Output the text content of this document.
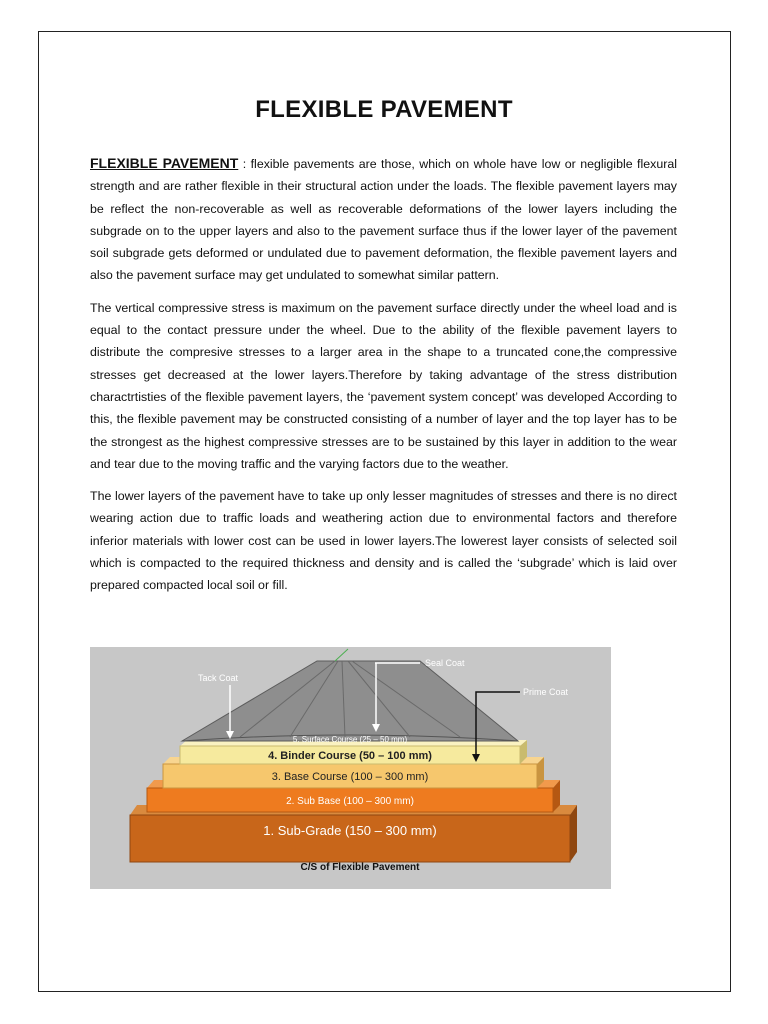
FLEXIBLE PAVEMENT

FLEXIBLE PAVEMENT : flexible pavements are those, which on whole have low or negligible flexural strength and are rather flexible in their structural action under the loads. The flexible pavement layers may be reflect the non-recoverable as well as recoverable deformations of the lower layers including the subgrade on to the upper layers and also to the pavement surface thus if the lower layer of the pavement soil subgrade gets deformed or undulated due to pavement deformation, the flexible pavement layers and also the pavement surface may get undulated to somewhat similar pattern.

The vertical compressive stress is maximum on the pavement surface directly under the wheel load and is equal to the contact pressure under the wheel. Due to the ability of the flexible pavement layers to distribute the compresive stresses to a larger area in the shape to a truncated cone,the compressive stresses get decreased at the lower layers.Therefore by taking advantage of the stress distribution charactrtisties of the flexible pavement layers, the ‘pavement system concept’ was developed According to this, the flexible pavement may be constructed consisting of a number of layer and the top layer has to be the strongest as the highest compressive stresses are to be sustained by this layer in addition to the wear and tear due to the moving traffic and the varying factors due to the weather.

The lower layers of the pavement have to take up only lesser magnitudes of stresses and there is no direct wearing action due to traffic loads and weathering action due to environmental factors and therefore inferior materials with lower cost can be used in lower layers.The lowerest layer consists of selected soil which is compacted to the required thickness and density and is called the ‘subgrade’ which is laid over prepared compacted local soil or fill.

Tack Coat
Seal Coat
Prime Coat
5. Surface Course (25 – 50 mm)
4. Binder Course (50 – 100 mm)
3. Base Course (100 – 300 mm)
2. Sub Base (100 – 300 mm)
1. Sub-Grade (150 – 300 mm)
C/S of Flexible Pavement
